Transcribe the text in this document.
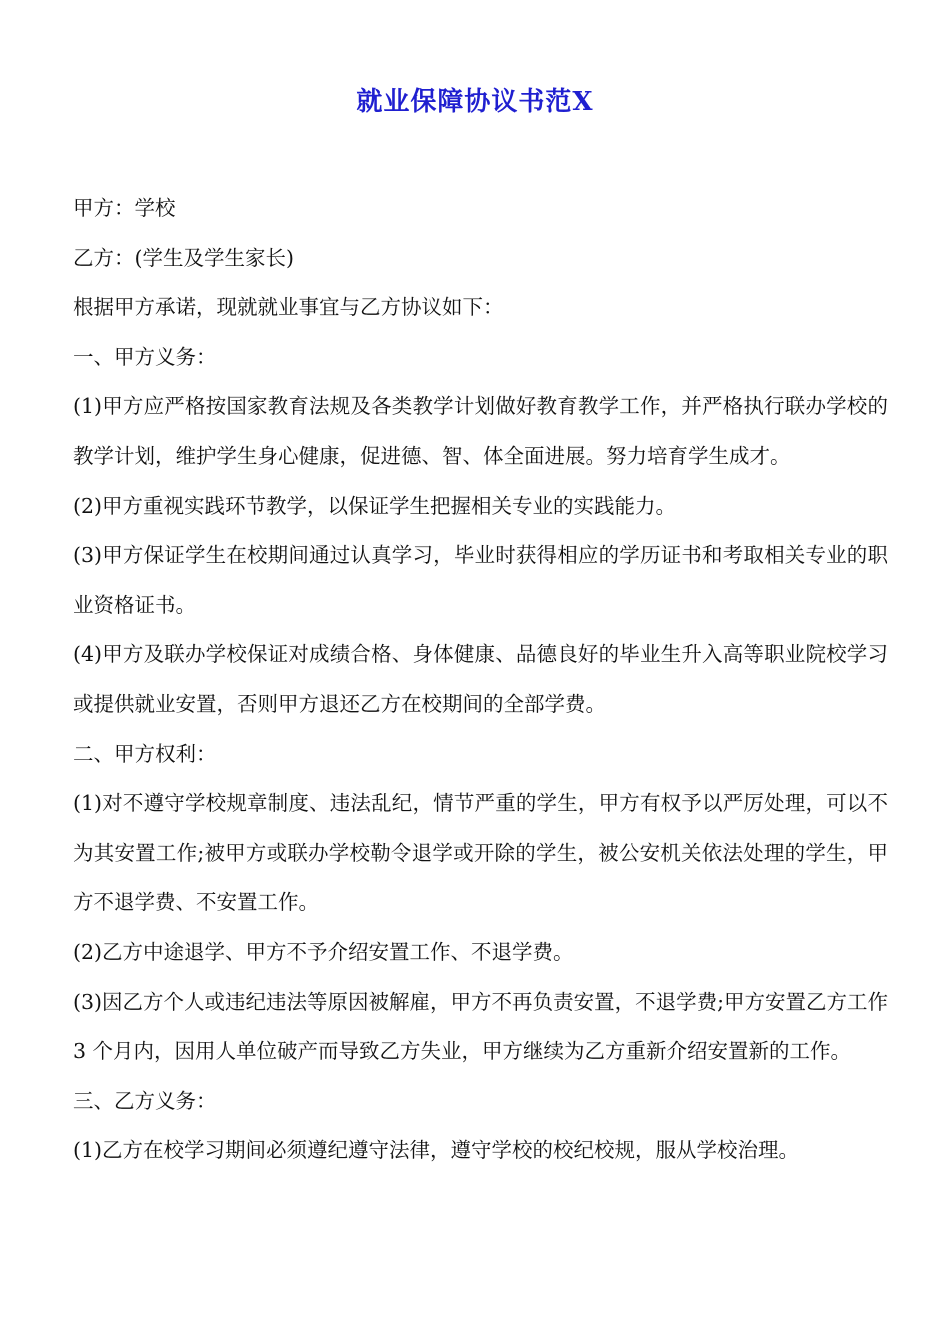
就业保障协议书范X

甲方：学校

乙方：(学生及学生家长)

根据甲方承诺，现就就业事宜与乙方协议如下：

一、甲方义务：

(1)甲方应严格按国家教育法规及各类教学计划做好教育教学工作，并严格执行联办学校的教学计划，维护学生身心健康，促进德、智、体全面进展。努力培育学生成才。

(2)甲方重视实践环节教学，以保证学生把握相关专业的实践能力。

(3)甲方保证学生在校期间通过认真学习，毕业时获得相应的学历证书和考取相关专业的职业资格证书。

(4)甲方及联办学校保证对成绩合格、身体健康、品德良好的毕业生升入高等职业院校学习或提供就业安置，否则甲方退还乙方在校期间的全部学费。

二、甲方权利：

(1)对不遵守学校规章制度、违法乱纪，情节严重的学生，甲方有权予以严厉处理，可以不为其安置工作;被甲方或联办学校勒令退学或开除的学生，被公安机关依法处理的学生，甲方不退学费、不安置工作。

(2)乙方中途退学、甲方不予介绍安置工作、不退学费。

(3)因乙方个人或违纪违法等原因被解雇，甲方不再负责安置，不退学费;甲方安置乙方工作 3 个月内，因用人单位破产而导致乙方失业，甲方继续为乙方重新介绍安置新的工作。

三、乙方义务：

(1)乙方在校学习期间必须遵纪遵守法律，遵守学校的校纪校规，服从学校治理。
